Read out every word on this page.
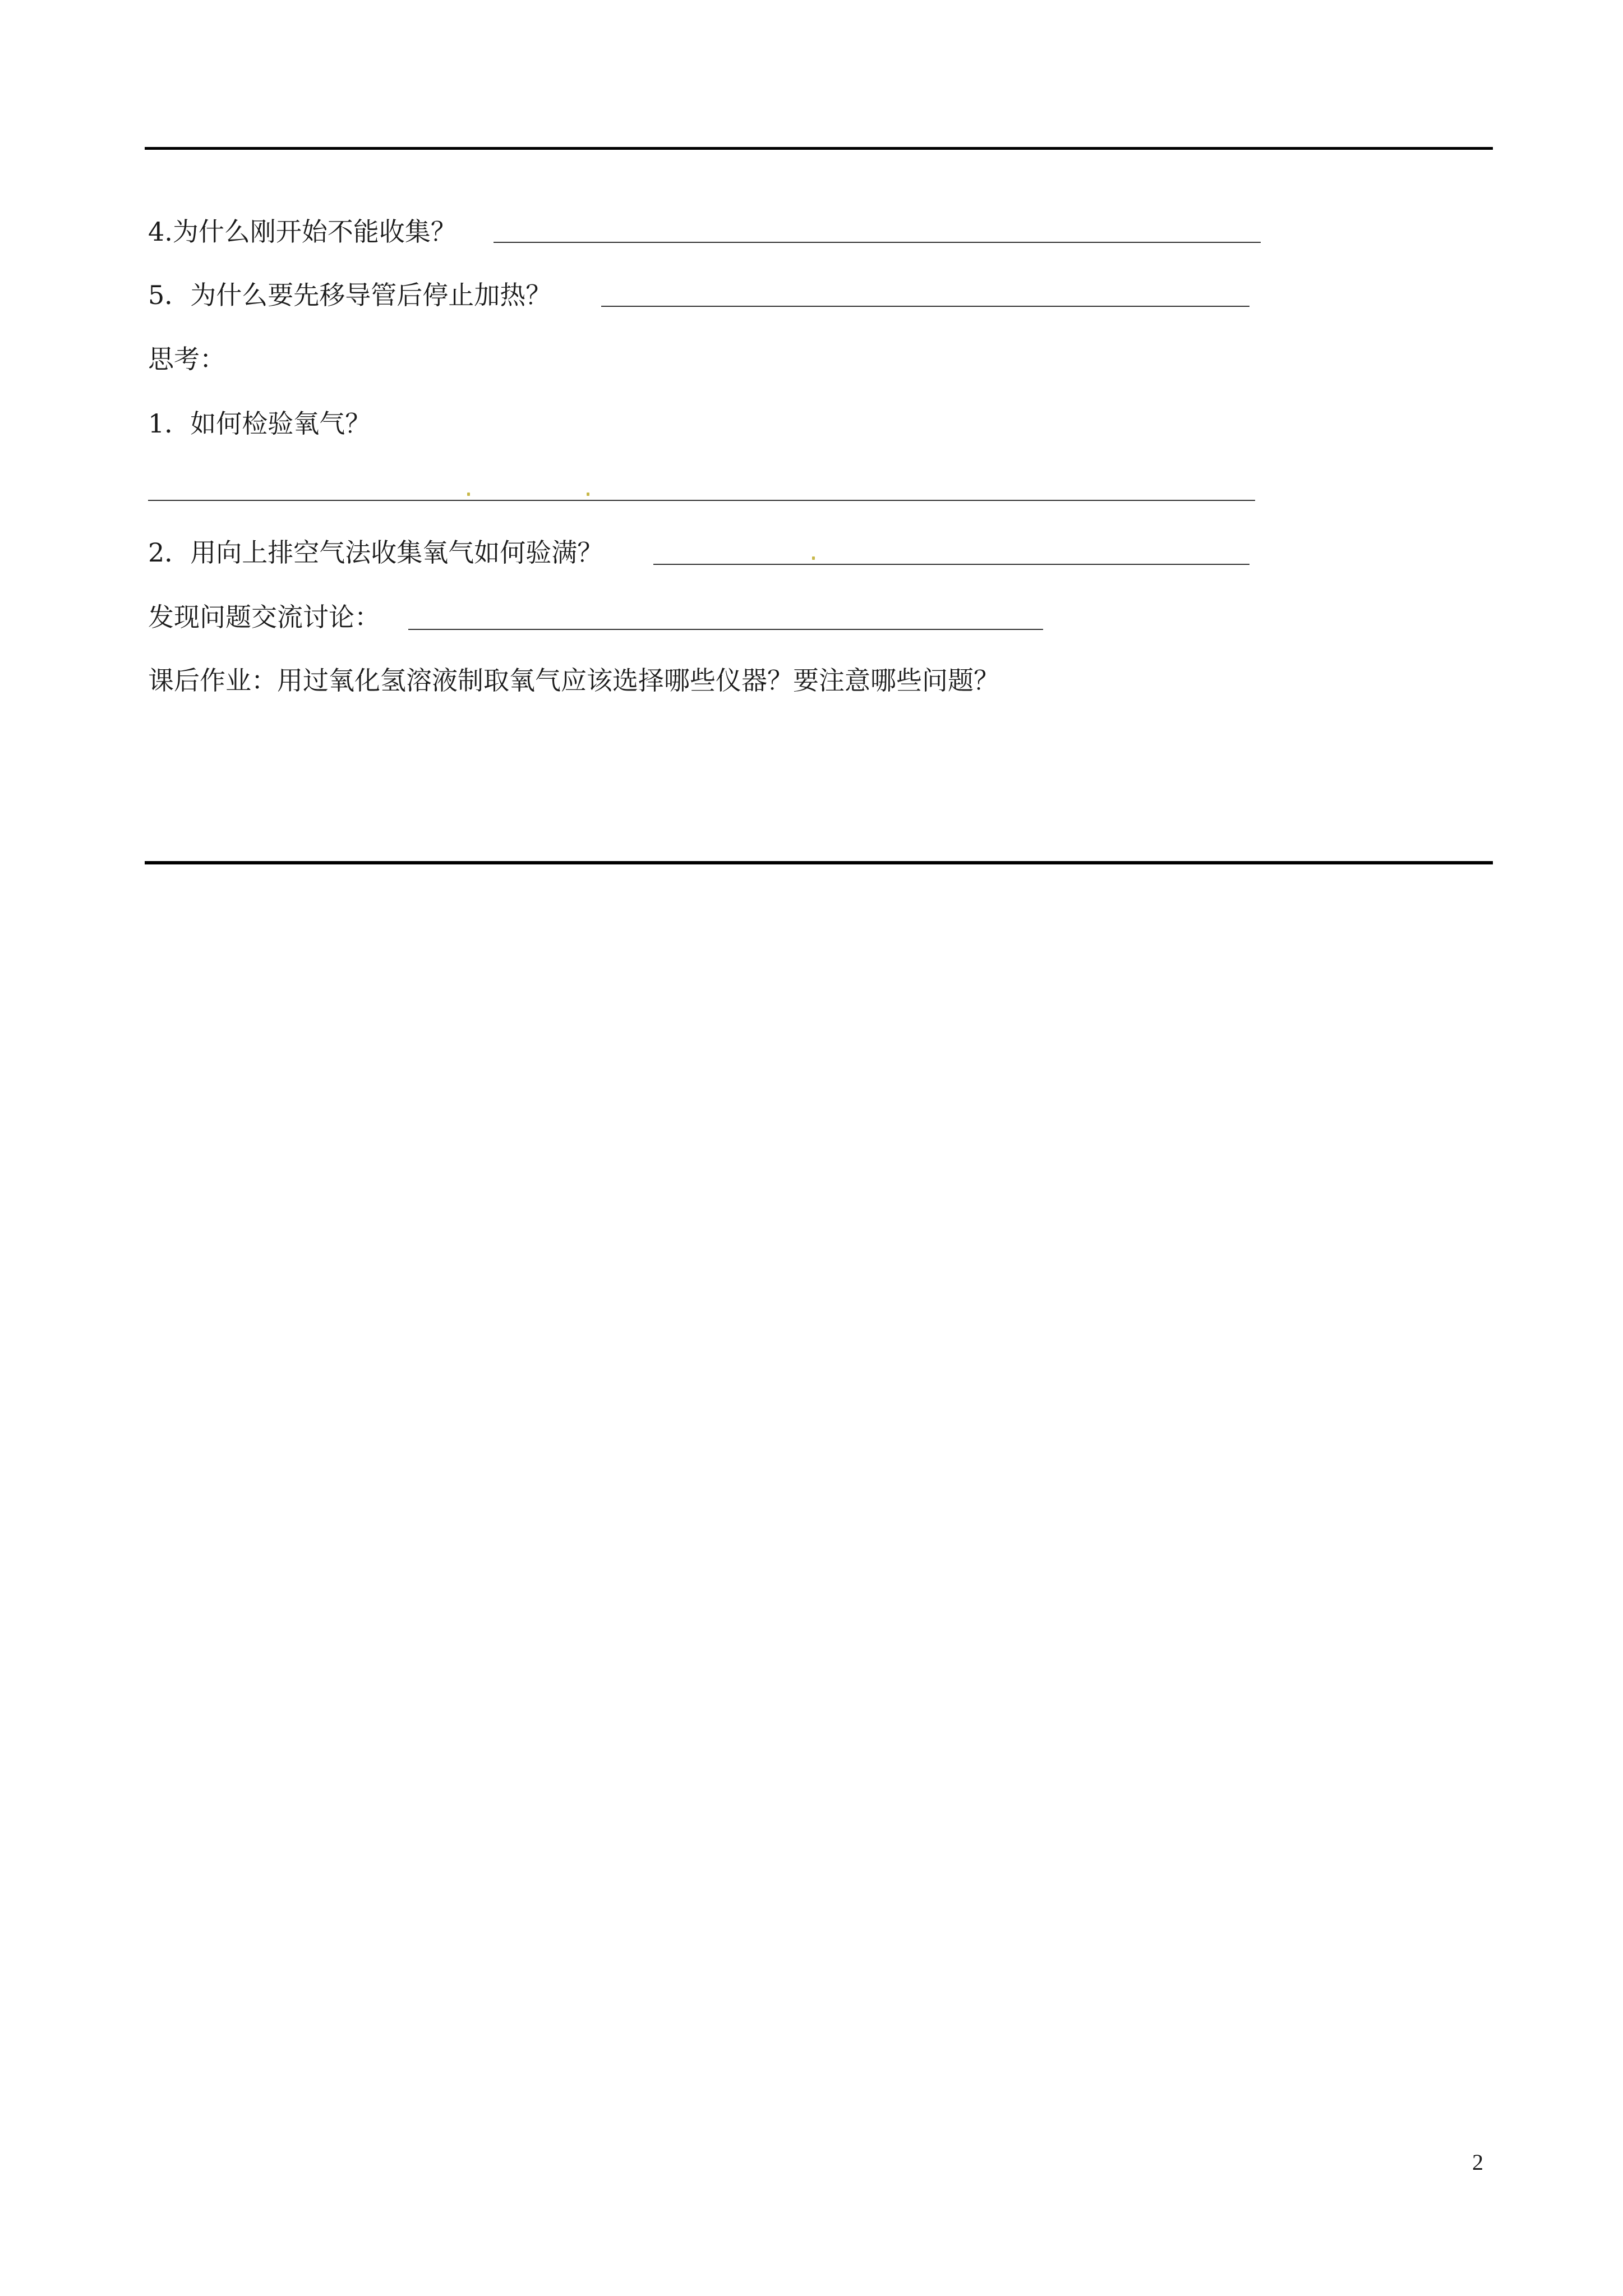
4.为什么刚开始不能收集？
5．为什么要先移导管后停止加热？
思考：
1．如何检验氧气？
2．用向上排空气法收集氧气如何验满？
发现问题交流讨论：
课后作业：用过氧化氢溶液制取氧气应该选择哪些仪器？要注意哪些问题？
2
